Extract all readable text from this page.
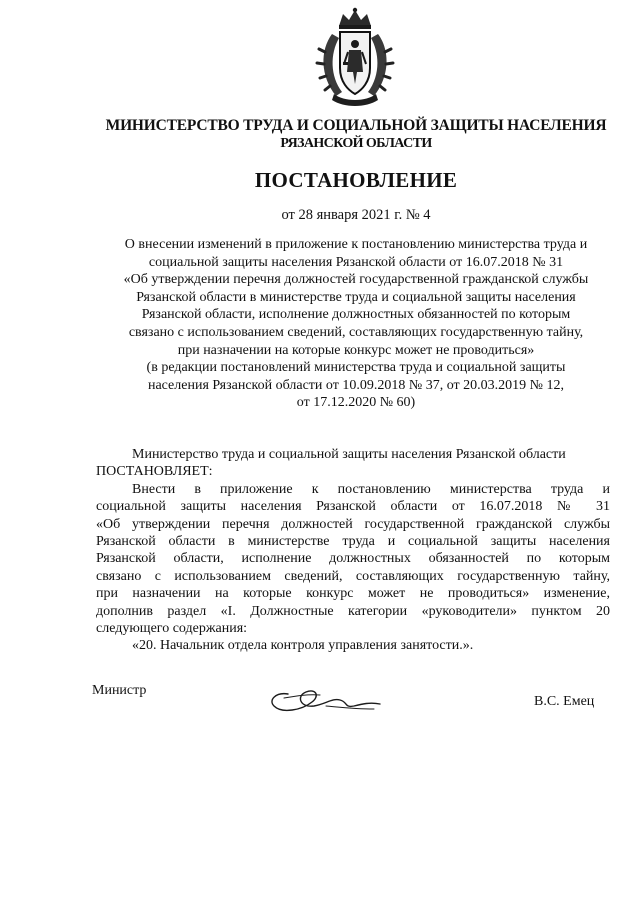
МИНИСТЕРСТВО ТРУДА И СОЦИАЛЬНОЙ ЗАЩИТЫ НАСЕЛЕНИЯ
РЯЗАНСКОЙ ОБЛАСТИ
ПОСТАНОВЛЕНИЕ
от 28 января 2021 г. № 4
О внесении изменений в приложение к постановлению министерства труда и
социальной защиты населения Рязанской области от 16.07.2018 № 31
«Об утверждении перечня должностей государственной гражданской службы
Рязанской области в министерстве труда и социальной защиты населения
Рязанской области, исполнение должностных обязанностей по которым
связано с использованием сведений, составляющих государственную тайну,
при назначении на которые конкурс может не проводиться»
(в редакции постановлений министерства труда и социальной защиты
населения Рязанской области от 10.09.2018 № 37, от 20.03.2019 № 12,
от 17.12.2020 № 60)
Министерство труда и социальной защиты населения Рязанской области
ПОСТАНОВЛЯЕТ:
Внести в приложение к постановлению министерства труда и
социальной защиты населения Рязанской области от 16.07.2018 № 31
«Об утверждении перечня должностей государственной гражданской службы
Рязанской области в министерстве труда и социальной защиты населения
Рязанской области, исполнение должностных обязанностей по которым
связано с использованием сведений, составляющих государственную тайну,
при назначении на которые конкурс может не проводиться» изменение,
дополнив раздел «I. Должностные категории «руководители» пунктом 20
следующего содержания:
«20. Начальник отдела контроля управления занятости.».
Министр
В.С. Емец
